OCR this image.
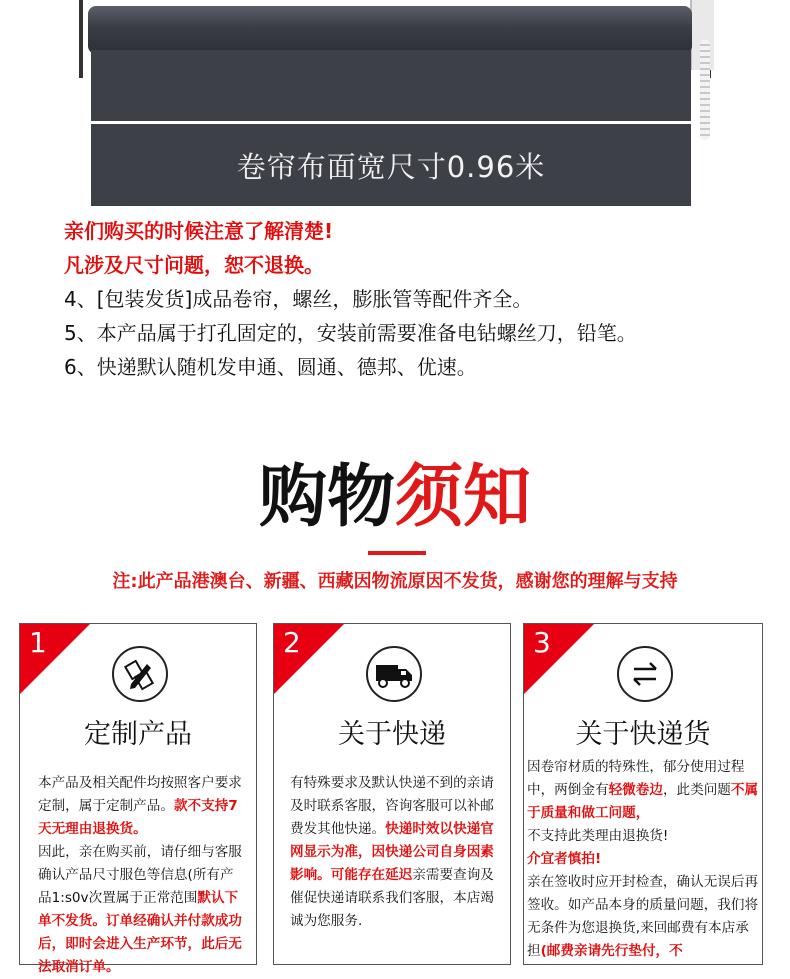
卷帘布面宽尺寸0.96米
亲们购买的时候注意了解清楚!
凡涉及尺寸问题，恕不退换。
4、[包装发货]成品卷帘，螺丝，膨胀管等配件齐全。
5、本产品属于打孔固定的，安装前需要准备电钻螺丝刀，铅笔。
6、快递默认随机发申通、圆通、德邦、优速。
购物须知
注:此产品港澳台、新疆、西藏因物流原因不发货，感谢您的理解与支持
1
定制产品
本产品及相关配件均按照客户要求定制，属于定制产品。款不支持7天无理由退换货。
因此，亲在购买前，请仔细与客服确认产品尺寸服色等信息(所有产品1:s0v次置属于正常范围默认下单不发货。订单经确认并付款成功后，即时会进入生产环节，此后无法取消订单。
2
关于快递
有特殊要求及默认快递不到的亲请及时联系客服，咨询客服可以补邮费发其他快递。快递时效以快递官网显示为准，因快递公司自身因素影响。可能存在延迟亲需要查询及催促快递请联系我们客服，本店竭诚为您服务.
3
关于快递货
因卷帘材质的特殊性，郁分使用过程中，两倒金有轻微卷边，此类问题不属于质量和做工问题，
不支持此类理由退换货!
介宜者慎拍!
亲在签收时应开封检查，确认无误后再签收。如产品本身的质量问题，我们将无条件为您退换货,来回邮费有本店承担(邮费亲请先行垫付，不
